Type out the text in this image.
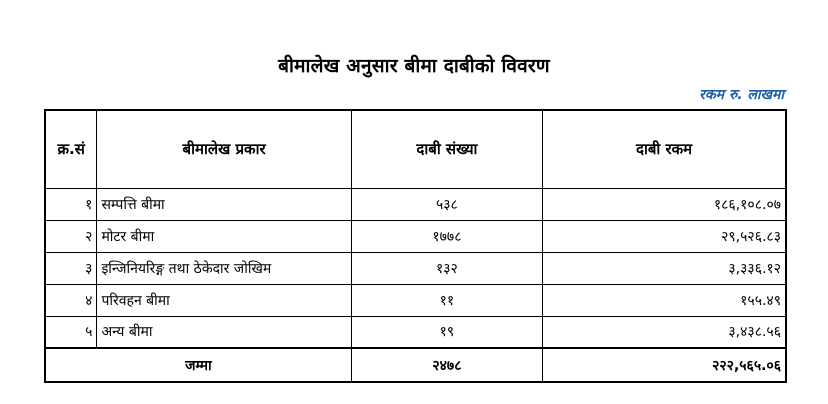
बीमालेख अनुसार बीमा दाबीको विवरण
रकम रु. लाखमा
क्र.सं	बीमालेख प्रकार	दाबी संख्या	दाबी रकम
१	सम्पत्ति बीमा	५३८	१८६,१०८.०७
२	मोटर बीमा	१७७८	२९,५२६.८३
३	इन्जिनियरिङ्ग तथा ठेकेदार जोखिम	१३२	३,३३६.१२
४	परिवहन बीमा	११	१५५.४९
५	अन्य बीमा	१९	३,४३८.५६
जम्मा		२४७८	२२२,५६५.०६
